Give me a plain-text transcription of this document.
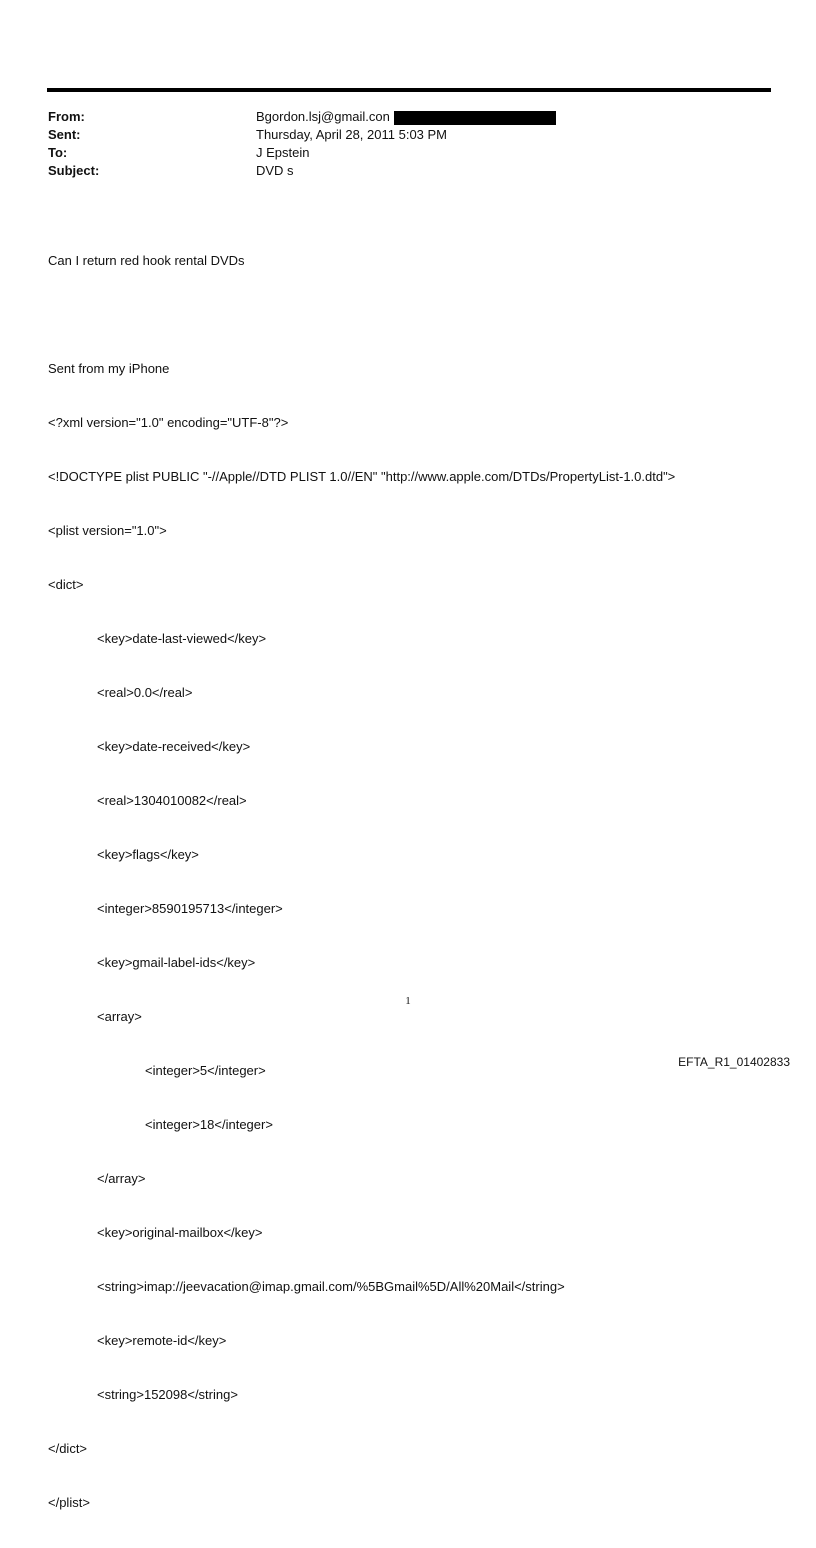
From:	Bgordon.lsj@gmail.con
Sent:	Thursday, April 28, 2011 5:03 PM
To:	J Epstein
Subject:	DVD s

Can I return red hook rental DVDs

Sent from my iPhone

<?xml version="1.0" encoding="UTF-8"?>

<!DOCTYPE plist PUBLIC "-//Apple//DTD PLIST 1.0//EN" "http://www.apple.com/DTDs/PropertyList-1.0.dtd">

<plist version="1.0">

<dict>

<key>date-last-viewed</key>

<real>0.0</real>

<key>date-received</key>

<real>1304010082</real>

<key>flags</key>

<integer>8590195713</integer>

<key>gmail-label-ids</key>

<array>

<integer>5</integer>

<integer>18</integer>

</array>

<key>original-mailbox</key>

<string>imap://jeevacation@imap.gmail.com/%5BGmail%5D/All%20Mail</string>

<key>remote-id</key>

<string>152098</string>

</dict>

</plist>

1
EFTA_R1_01402833
